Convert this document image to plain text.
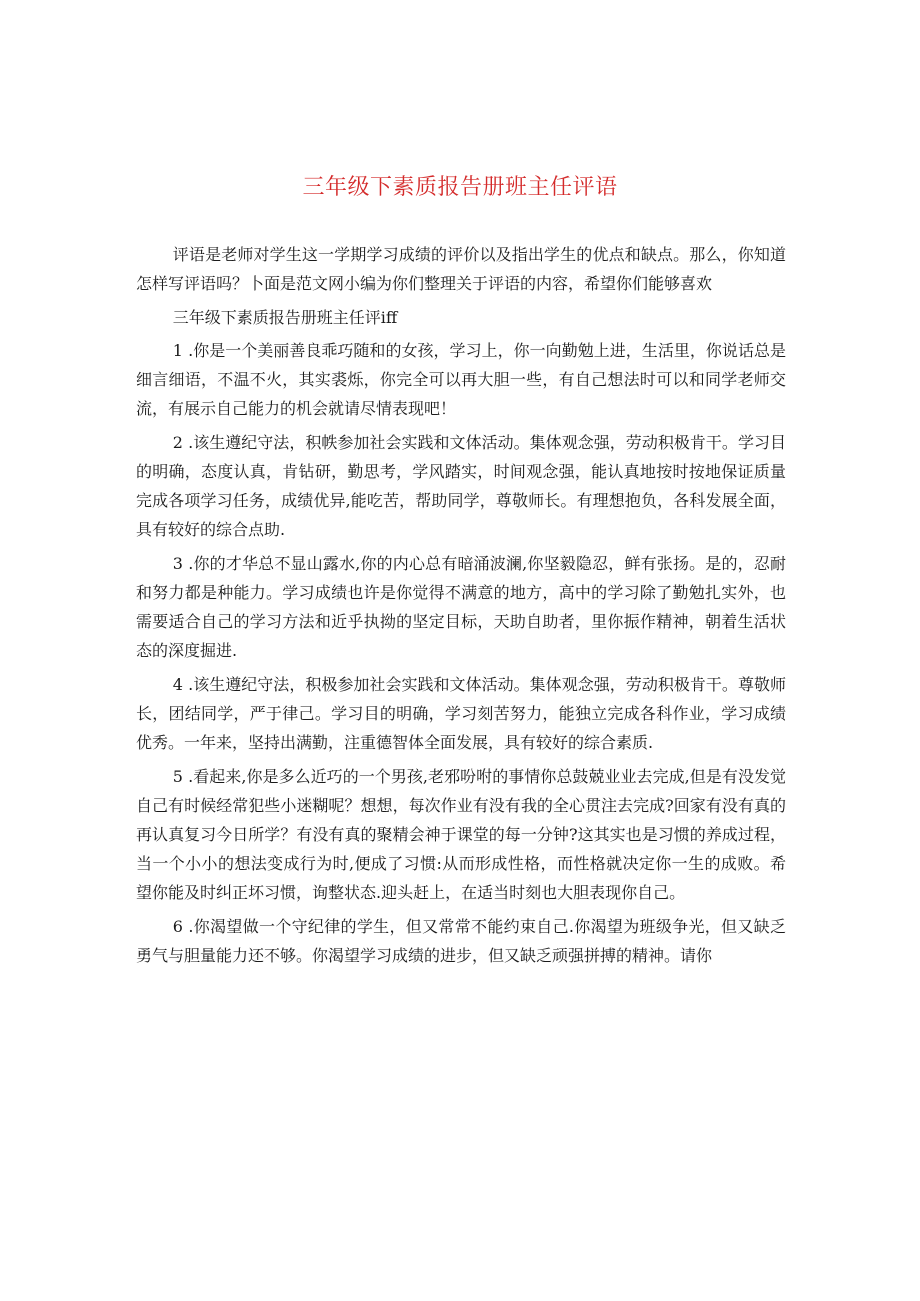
三年级下素质报告册班主任评语

评语是老师对学生这一学期学习成绩的评价以及指出学生的优点和缺点。那么，你知道怎样写评语吗？卜面是范文网小编为你们整理关于评语的内容，希望你们能够喜欢

三年级下素质报告册班主任评iff

1 .你是一个美丽善良乖巧随和的女孩，学习上，你一向勤勉上进，生活里，你说话总是细言细语，不温不火，其实裘烁，你完全可以再大胆一些，有自己想法时可以和同学老师交流，有展示自己能力的机会就请尽情表现吧！

2 .该生遵纪守法，积帙参加社会实践和文体活动。集体观念强，劳动积极肯干。学习目的明确，态度认真，肯钻研，勤思考，学风踏实，时间观念强，能认真地按时按地保证质量完成各项学习任务，成绩优异,能吃苦，帮助同学，尊敬师长。有理想抱负，各科发展全面，具有较好的综合点助.

3 .你的才华总不显山露水,你的内心总有暗涌波澜,你坚毅隐忍，鲜有张扬。是的，忍耐和努力都是种能力。学习成绩也许是你觉得不满意的地方，高中的学习除了勤勉扎实外，也需要适合自己的学习方法和近乎执拗的坚定目标，天助自助者，里你振作精神，朝着生活状态的深度掘进.

4 .该生遵纪守法，积极参加社会实践和文体活动。集体观念强，劳动积极肯干。尊敬师长，团结同学，严于律己。学习目的明确，学习刻苦努力，能独立完成各科作业，学习成绩优秀。一年来，坚持出满勤，注重德智体全面发展，具有较好的综合素质.

5 .看起来,你是多么近巧的一个男孩,老邪吩咐的事情你总鼓兢业业去完成,但是有没发觉自己有时候经常犯些小迷糊呢？想想，每次作业有没有我的全心贯注去完成?回家有没有真的再认真复习今日所学？有没有真的聚精会神于课堂的每一分钟?这其实也是习惯的养成过程，当一个小小的想法变成行为时,便成了习惯:从而形成性格，而性格就决定你一生的成败。希望你能及时纠正坏习惯，询整状态.迎头赶上，在适当时刻也大胆表现你自己。

6 .你渴望做一个守纪律的学生，但又常常不能约束自己.你渴望为班级争光，但又缺乏勇气与胆量能力还不够。你渴望学习成绩的进步，但又缺乏顽强拼搏的精神。请你
